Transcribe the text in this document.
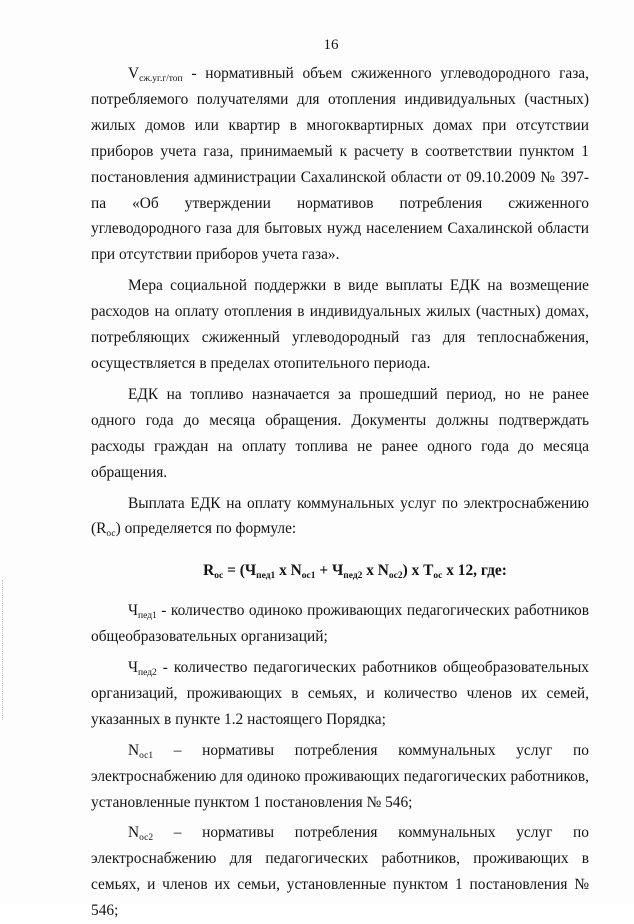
16

$V_{сж.уг.г/топ}$ - нормативный объем сжиженного углеводородного газа, потребляемого получателями для отопления индивидуальных (частных) жилых домов или квартир в многоквартирных домах при отсутствии приборов учета газа, принимаемый к расчету в соответствии пунктом 1 постановления администрации Сахалинской области от 09.10.2009 № 397-па «Об утверждении нормативов потребления сжиженного углеводородного газа для бытовых нужд населением Сахалинской области при отсутствии приборов учета газа».

Мера социальной поддержки в виде выплаты ЕДК на возмещение расходов на оплату отопления в индивидуальных жилых (частных) домах, потребляющих сжиженный углеводородный газ для теплоснабжения, осуществляется в пределах отопительного периода.

ЕДК на топливо назначается за прошедший период, но не ранее одного года до месяца обращения. Документы должны подтверждать расходы граждан на оплату топлива не ранее одного года до месяца обращения.

Выплата ЕДК на оплату коммунальных услуг по электроснабжению $(R_{ос})$ определяется по формуле:

$R_{ос} = (Ч_{пед1}$ х $N_{ос1} + Ч_{пед2}$ х $N_{ос2}$) х $Т_{ос}$ х 12, где:

$Ч_{пед1}$ - количество одиноко проживающих педагогических работников общеобразовательных организаций;

$Ч_{пед2}$ - количество педагогических работников общеобразовательных организаций, проживающих в семьях, и количество членов их семей, указанных в пункте 1.2 настоящего Порядка;

$N_{ос1}$ – нормативы потребления коммунальных услуг по электроснабжению для одиноко проживающих педагогических работников, установленные пунктом 1 постановления № 546;

$N_{ос2}$ – нормативы потребления коммунальных услуг по электроснабжению для педагогических работников, проживающих в семьях, и членов их семьи, установленные пунктом 1 постановления № 546;
